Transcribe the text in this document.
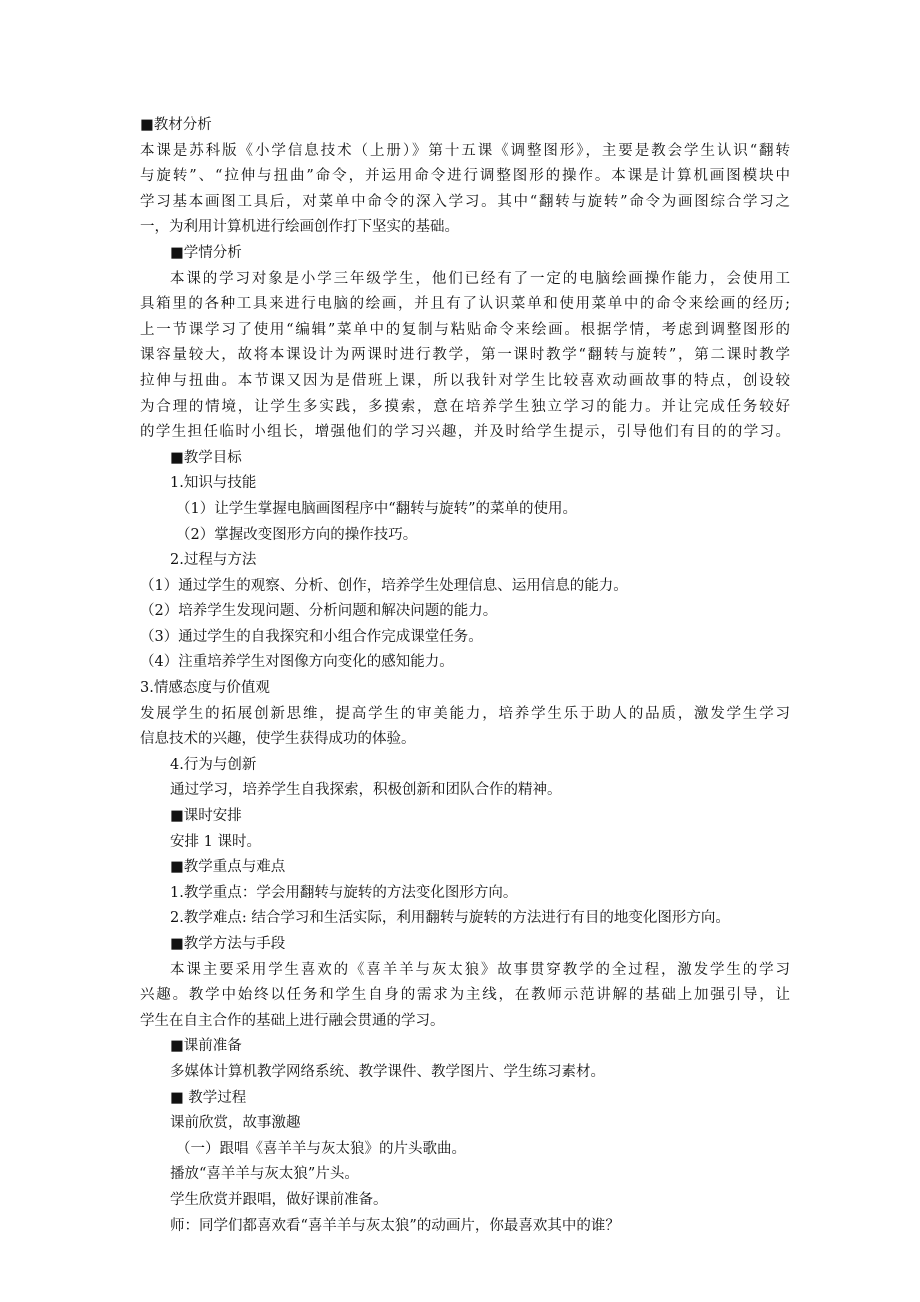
■教材分析
本课是苏科版《小学信息技术（上册）》第十五课《调整图形》，主要是教会学生认识“翻转
与旋转”、“拉伸与扭曲”命令，并运用命令进行调整图形的操作。本课是计算机画图模块中
学习基本画图工具后，对菜单中命令的深入学习。其中“翻转与旋转”命令为画图综合学习之
一，为利用计算机进行绘画创作打下坚实的基础。
■学情分析
本课的学习对象是小学三年级学生，他们已经有了一定的电脑绘画操作能力，会使用工
具箱里的各种工具来进行电脑的绘画，并且有了认识菜单和使用菜单中的命令来绘画的经历;
上一节课学习了使用“编辑”菜单中的复制与粘贴命令来绘画。根据学情，考虑到调整图形的
课容量较大，故将本课设计为两课时进行教学，第一课时教学“翻转与旋转”，第二课时教学
拉伸与扭曲。本节课又因为是借班上课，所以我针对学生比较喜欢动画故事的特点，创设较
为合理的情境，让学生多实践，多摸索，意在培养学生独立学习的能力。并让完成任务较好
的学生担任临时小组长，增强他们的学习兴趣，并及时给学生提示，引导他们有目的的学习。
■教学目标
1.知识与技能
（1）让学生掌握电脑画图程序中“翻转与旋转”的菜单的使用。
（2）掌握改变图形方向的操作技巧。
2.过程与方法
（1）通过学生的观察、分析、创作，培养学生处理信息、运用信息的能力。
（2）培养学生发现问题、分析问题和解决问题的能力。
（3）通过学生的自我探究和小组合作完成课堂任务。
（4）注重培养学生对图像方向变化的感知能力。
3.情感态度与价值观
发展学生的拓展创新思维，提高学生的审美能力，培养学生乐于助人的品质，激发学生学习
信息技术的兴趣，使学生获得成功的体验。
4.行为与创新
通过学习，培养学生自我探索，积极创新和团队合作的精神。
■课时安排
安排 1 课时。
■教学重点与难点
1.教学重点：学会用翻转与旋转的方法变化图形方向。
2.教学难点: 结合学习和生活实际，利用翻转与旋转的方法进行有目的地变化图形方向。
■教学方法与手段
本课主要采用学生喜欢的《喜羊羊与灰太狼》故事贯穿教学的全过程，激发学生的学习
兴趣。教学中始终以任务和学生自身的需求为主线，在教师示范讲解的基础上加强引导，让
学生在自主合作的基础上进行融会贯通的学习。
■课前准备
多媒体计算机教学网络系统、教学课件、教学图片、学生练习素材。
■ 教学过程
课前欣赏，故事激趣
（一）跟唱《喜羊羊与灰太狼》的片头歌曲。
播放“喜羊羊与灰太狼”片头。
学生欣赏并跟唱，做好课前准备。
师：同学们都喜欢看“喜羊羊与灰太狼”的动画片，你最喜欢其中的谁？
